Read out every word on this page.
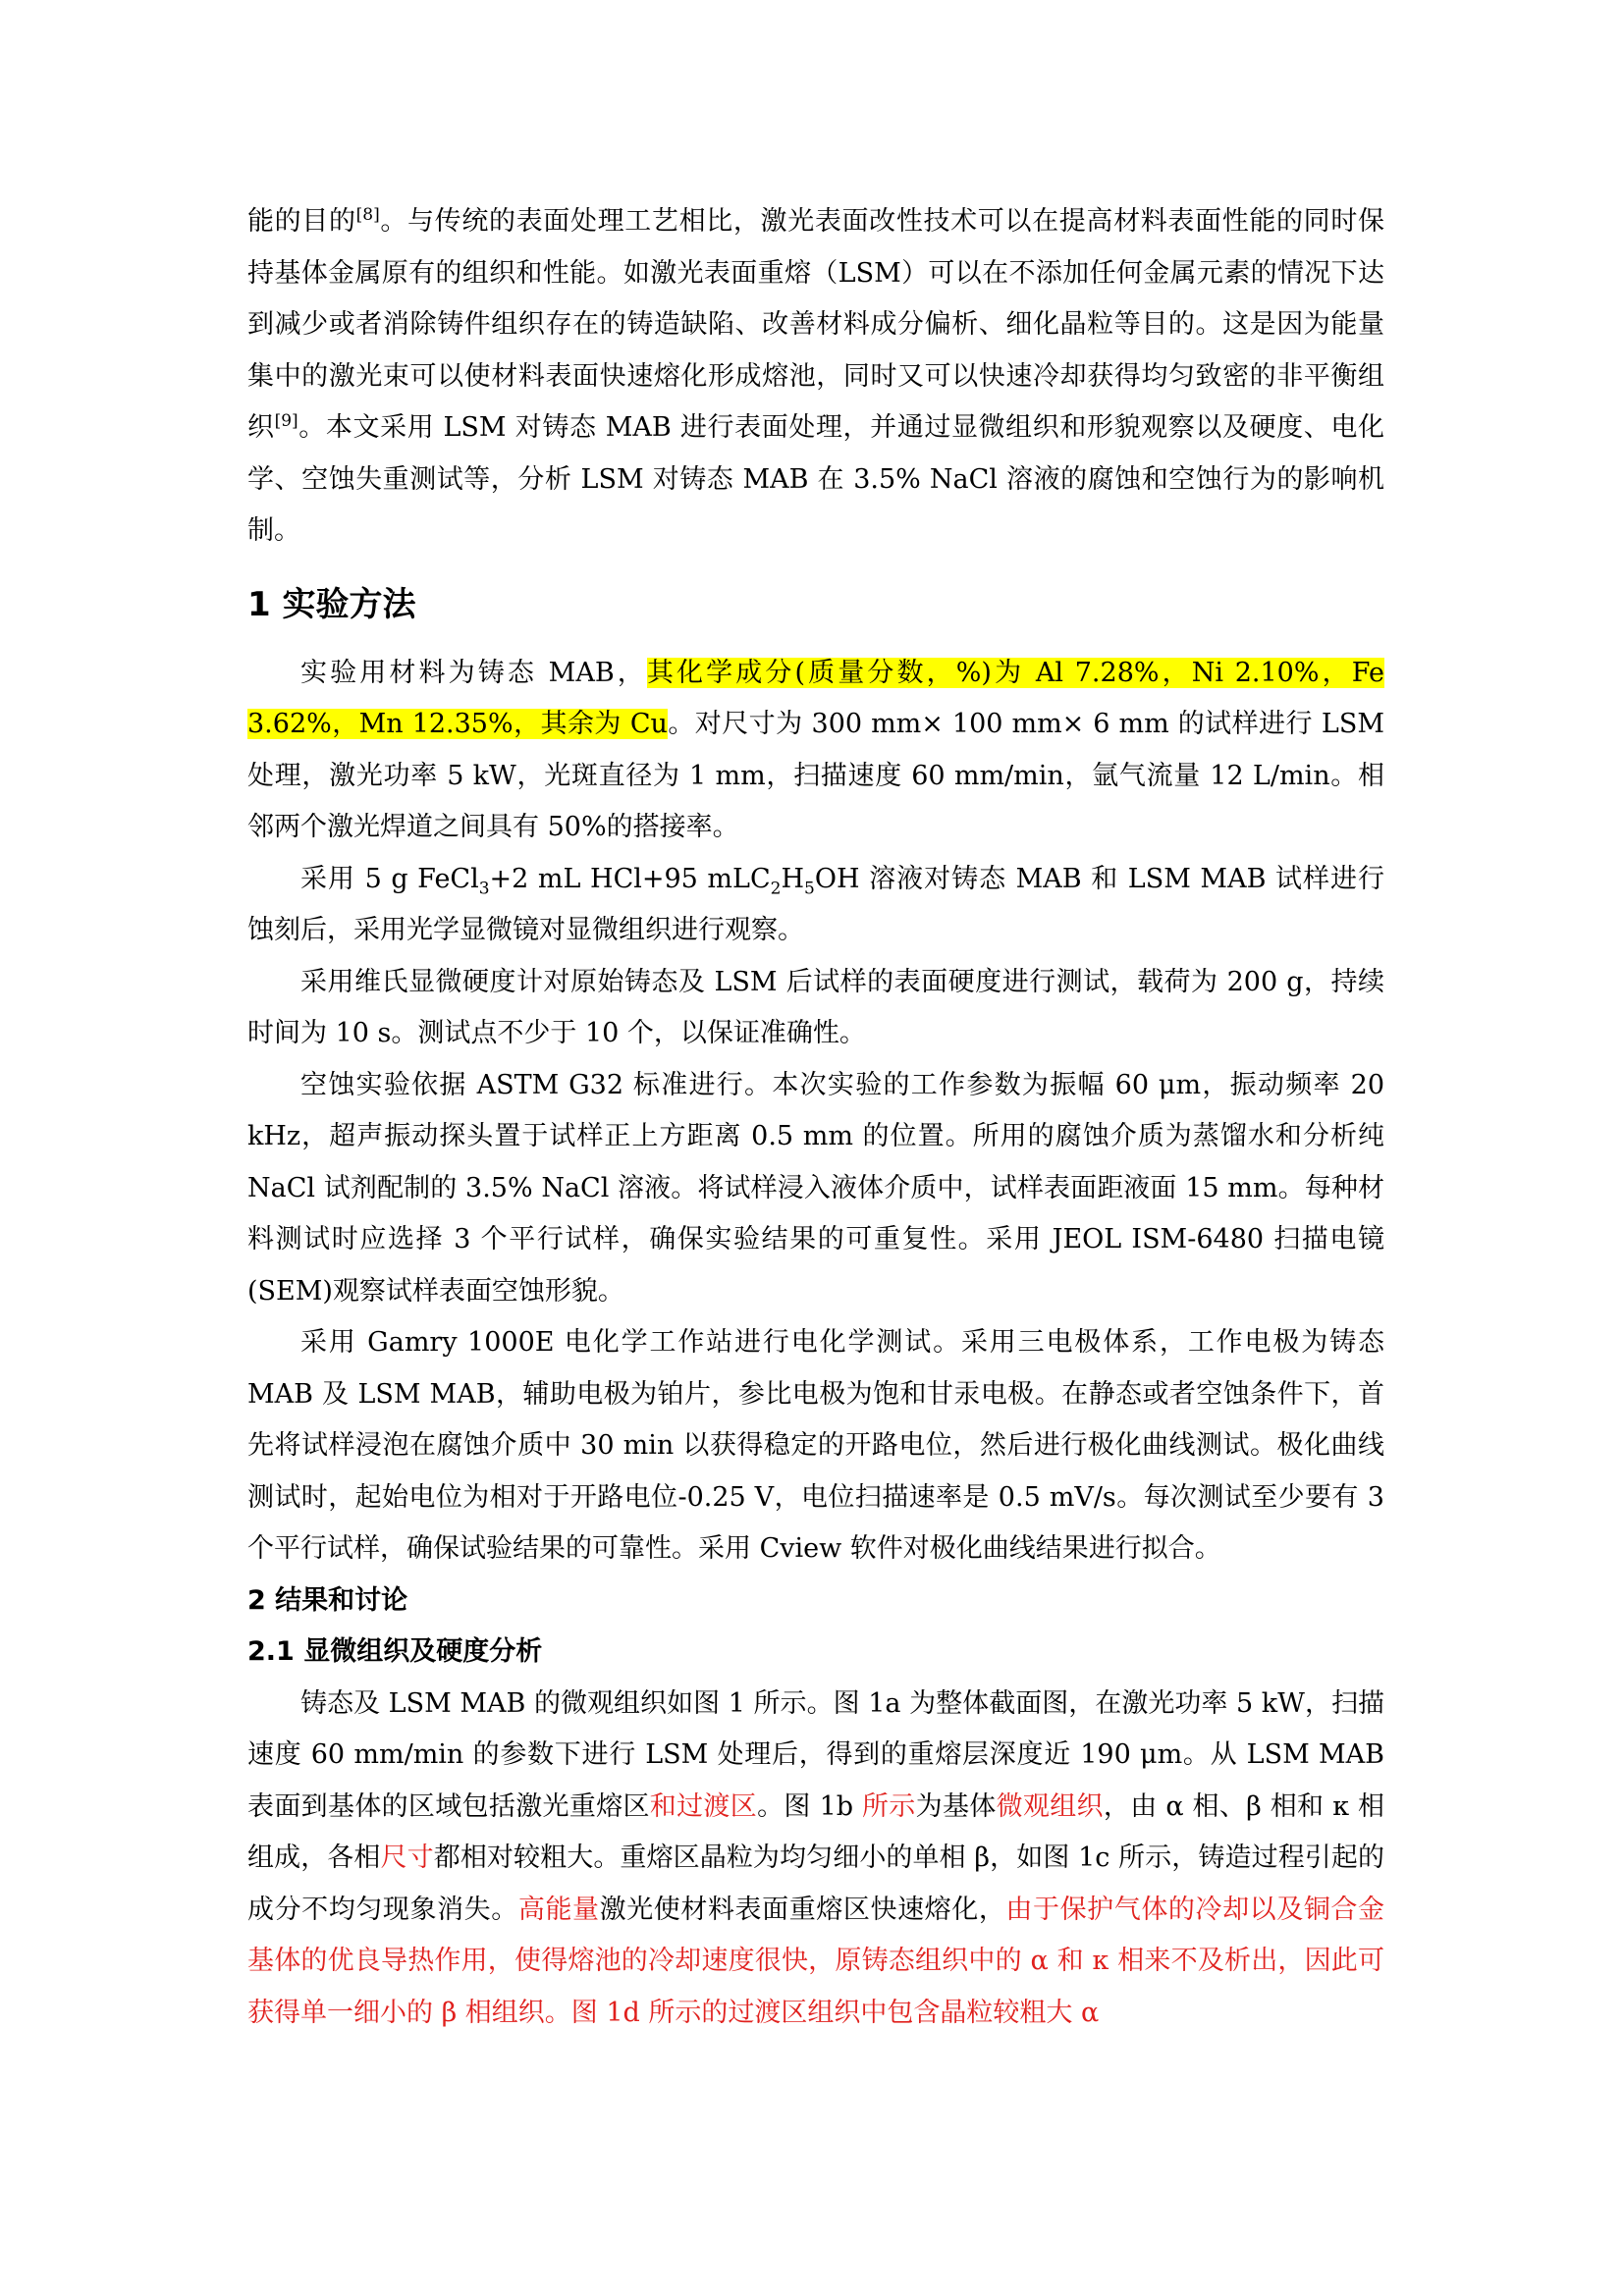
能的目的[8]。与传统的表面处理工艺相比，激光表面改性技术可以在提高材料表面性能的同时保持基体金属原有的组织和性能。如激光表面重熔（LSM）可以在不添加任何金属元素的情况下达到减少或者消除铸件组织存在的铸造缺陷、改善材料成分偏析、细化晶粒等目的。这是因为能量集中的激光束可以使材料表面快速熔化形成熔池，同时又可以快速冷却获得均匀致密的非平衡组织[9]。本文采用 LSM 对铸态 MAB 进行表面处理，并通过显微组织和形貌观察以及硬度、电化学、空蚀失重测试等，分析 LSM 对铸态 MAB 在 3.5% NaCl 溶液的腐蚀和空蚀行为的影响机制。

1 实验方法

实验用材料为铸态 MAB，其化学成分(质量分数，%)为 Al 7.28%，Ni 2.10%，Fe 3.62%，Mn 12.35%，其余为 Cu。对尺寸为 300 mm× 100 mm× 6 mm 的试样进行 LSM 处理，激光功率 5 kW，光斑直径为 1 mm，扫描速度 60 mm/min，氩气流量 12 L/min。相邻两个激光焊道之间具有 50%的搭接率。

采用 5 g FeCl$_3$+2 mL HCl+95 $mLC_2H_5OH$ 溶液对铸态 MAB 和 LSM MAB 试样进行蚀刻后，采用光学显微镜对显微组织进行观察。

采用维氏显微硬度计对原始铸态及 LSM 后试样的表面硬度进行测试，载荷为 200 g，持续时间为 10 s。测试点不少于 10 个，以保证准确性。

空蚀实验依据 ASTM G32 标准进行。本次实验的工作参数为振幅 60 μm，振动频率 20 kHz，超声振动探头置于试样正上方距离 0.5 mm 的位置。所用的腐蚀介质为蒸馏水和分析纯 NaCl 试剂配制的 3.5% NaCl 溶液。将试样浸入液体介质中，试样表面距液面 15 mm。每种材料测试时应选择 3 个平行试样，确保实验结果的可重复性。采用 JEOL ISM-6480 扫描电镜(SEM)观察试样表面空蚀形貌。

采用 Gamry 1000E 电化学工作站进行电化学测试。采用三电极体系，工作电极为铸态 MAB 及 LSM MAB，辅助电极为铂片，参比电极为饱和甘汞电极。在静态或者空蚀条件下，首先将试样浸泡在腐蚀介质中 30 min 以获得稳定的开路电位，然后进行极化曲线测试。极化曲线测试时，起始电位为相对于开路电位-0.25 V，电位扫描速率是 0.5 mV/s。每次测试至少要有 3 个平行试样，确保试验结果的可靠性。采用 Cview 软件对极化曲线结果进行拟合。

2 结果和讨论
2.1 显微组织及硬度分析

铸态及 LSM MAB 的微观组织如图 1 所示。图 1a 为整体截面图，在激光功率 5 kW，扫描速度 60 mm/min 的参数下进行 LSM 处理后，得到的重熔层深度近 190 μm。从 LSM MAB 表面到基体的区域包括激光重熔区和过渡区。图 1b 所示为基体微观组织，由 α 相、β 相和 κ 相组成，各相尺寸都相对较粗大。重熔区晶粒为均匀细小的单相 β，如图 1c 所示，铸造过程引起的成分不均匀现象消失。高能量激光使材料表面重熔区快速熔化，由于保护气体的冷却以及铜合金基体的优良导热作用，使得熔池的冷却速度很快，原铸态组织中的 α 和 κ 相来不及析出，因此可获得单一细小的 β 相组织。图 1d 所示的过渡区组织中包含晶粒较粗大 α
